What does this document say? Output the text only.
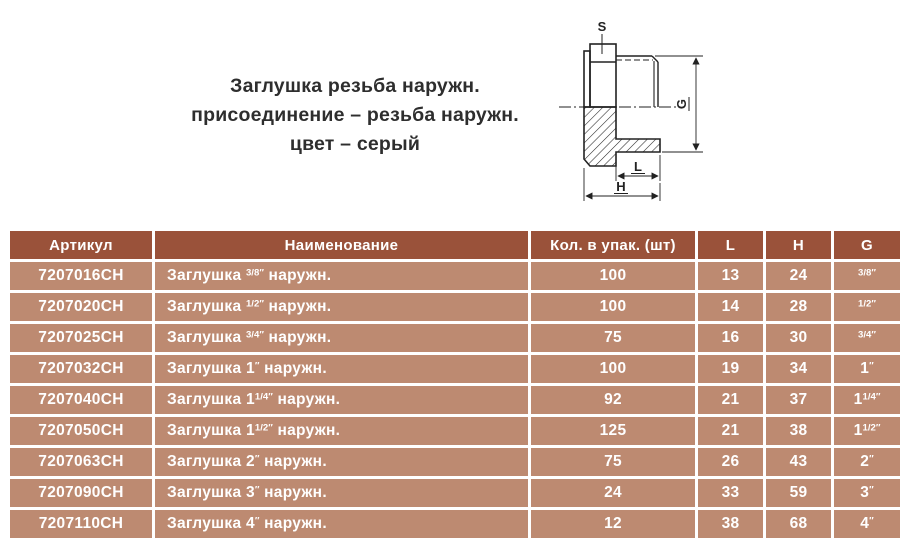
Заглушка резьба наружн.
присоединение – резьба наружн.
цвет – серый
S
G
L
H
Артикул	Наименование	Кол. в упак. (шт)	L	H	G
7207016CH	Заглушка $^{3/8''}$ наружн.	100	13	24	$^{3/8''}$
7207020CH	Заглушка $^{1/2''}$ наружн.	100	14	28	$^{1/2''}$
7207025CH	Заглушка $^{3/4''}$ наружн.	75	16	30	$^{3/4''}$
7207032CH	Заглушка 1″ наружн.	100	19	34	1″
7207040CH	Заглушка $1^{1/4''}$ наружн.	92	21	37	$1^{1/4''}$
7207050CH	Заглушка $1^{1/2''}$ наружн.	125	21	38	$1^{1/2''}$
7207063CH	Заглушка 2″ наружн.	75	26	43	2″
7207090CH	Заглушка 3″ наружн.	24	33	59	3″
7207110CH	Заглушка 4″ наружн.	12	38	68	4″
